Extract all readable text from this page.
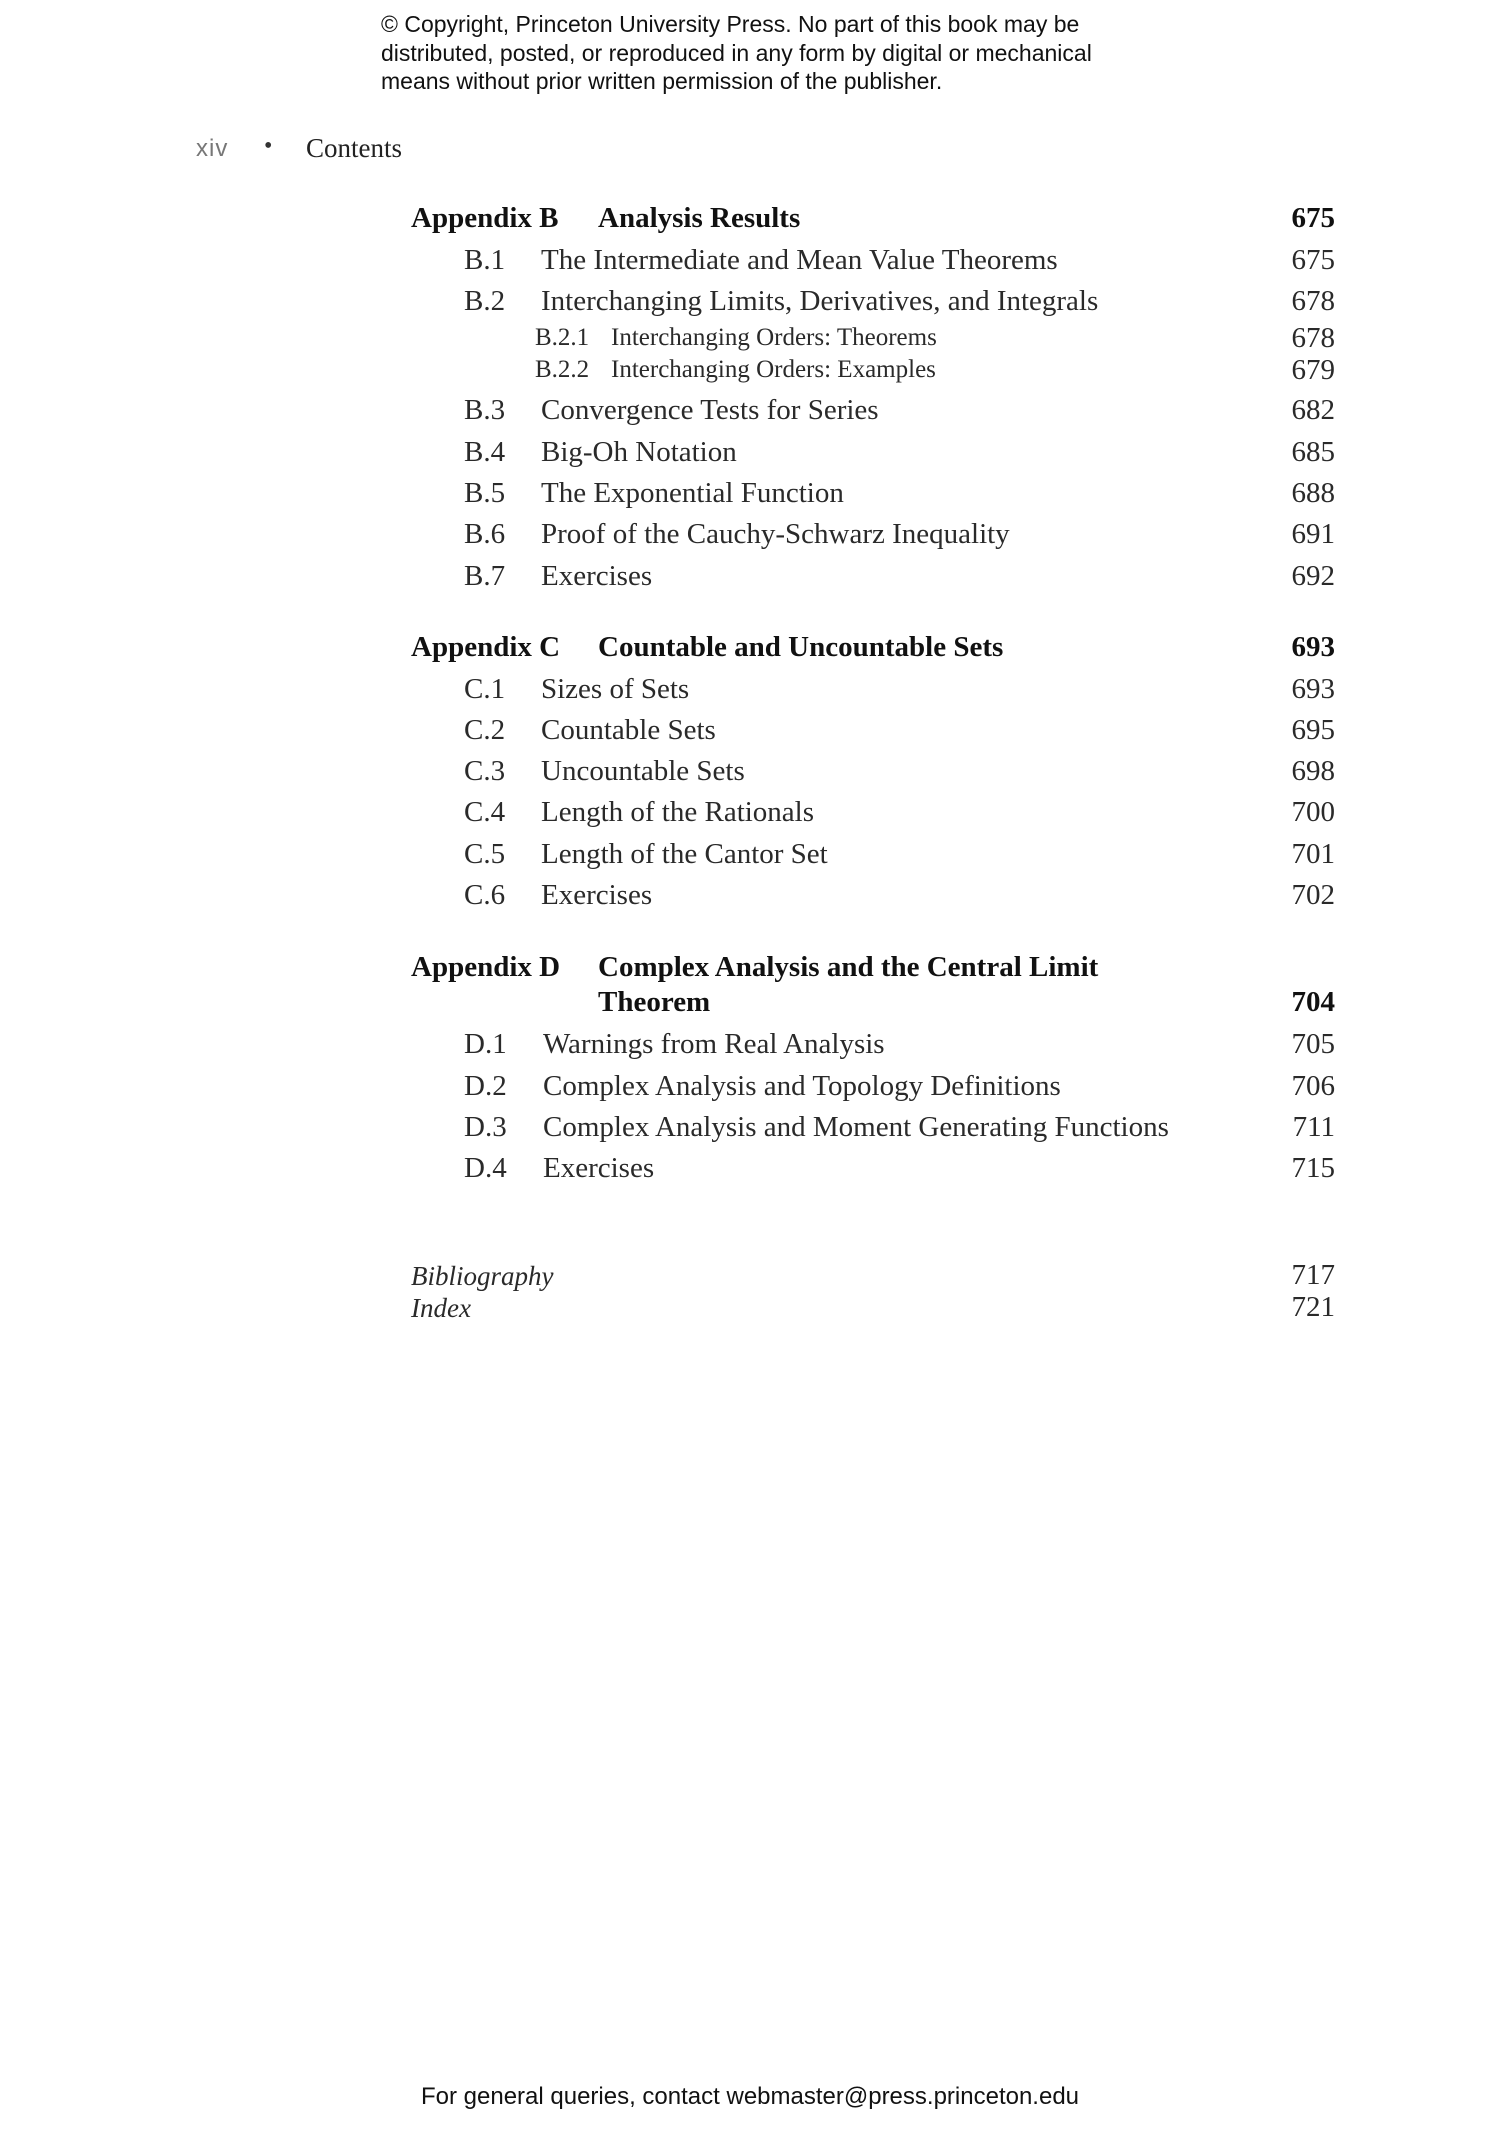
© Copyright, Princeton University Press. No part of this book may be
distributed, posted, or reproduced in any form by digital or mechanical
means without prior written permission of the publisher.
xiv • Contents
Appendix B Analysis Results	675
B.1 The Intermediate and Mean Value Theorems	675
B.2 Interchanging Limits, Derivatives, and Integrals	678
B.2.1 Interchanging Orders: Theorems	678
B.2.2 Interchanging Orders: Examples	679
B.3 Convergence Tests for Series	682
B.4 Big-Oh Notation	685
B.5 The Exponential Function	688
B.6 Proof of the Cauchy-Schwarz Inequality	691
B.7 Exercises	692
Appendix C Countable and Uncountable Sets	693
C.1 Sizes of Sets	693
C.2 Countable Sets	695
C.3 Uncountable Sets	698
C.4 Length of the Rationals	700
C.5 Length of the Cantor Set	701
C.6 Exercises	702
Appendix D Complex Analysis and the Central Limit
Theorem	704
D.1 Warnings from Real Analysis	705
D.2 Complex Analysis and Topology Definitions	706
D.3 Complex Analysis and Moment Generating Functions	711
D.4 Exercises	715
Bibliography	717
Index	721
For general queries, contact webmaster@press.princeton.edu
